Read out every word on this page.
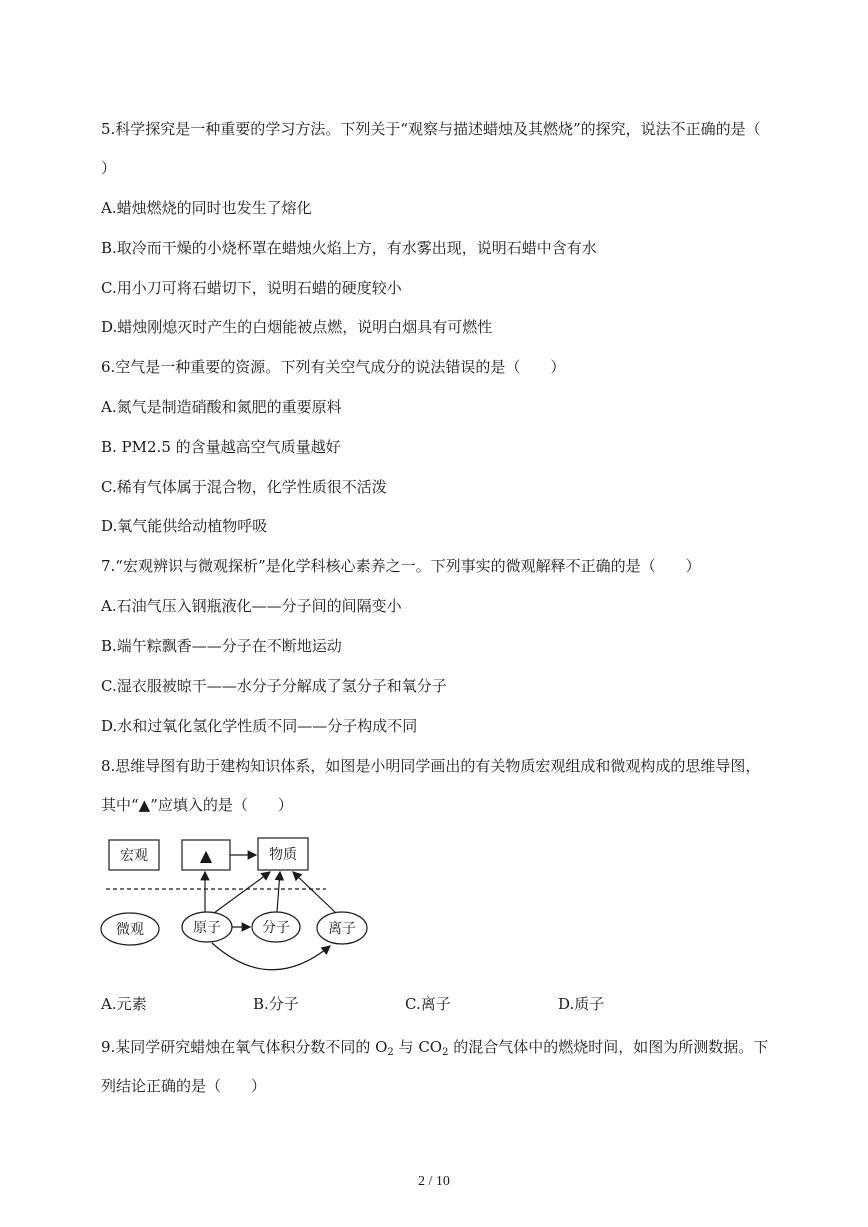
5.科学探究是一种重要的学习方法。下列关于“观察与描述蜡烛及其燃烧”的探究，说法不正确的是（
）
A.蜡烛燃烧的同时也发生了熔化
B.取冷而干燥的小烧杯罩在蜡烛火焰上方，有水雾出现，说明石蜡中含有水
C.用小刀可将石蜡切下，说明石蜡的硬度较小
D.蜡烛刚熄灭时产生的白烟能被点燃，说明白烟具有可燃性
6.空气是一种重要的资源。下列有关空气成分的说法错误的是（　　）
A.氮气是制造硝酸和氮肥的重要原料
B. PM2.5 的含量越高空气质量越好
C.稀有气体属于混合物，化学性质很不活泼
D.氧气能供给动植物呼吸
7.“宏观辨识与微观探析”是化学科核心素养之一。下列事实的微观解释不正确的是（　　）
A.石油气压入钢瓶液化——分子间的间隔变小
B.端午粽飘香——分子在不断地运动
C.湿衣服被晾干——水分子分解成了氢分子和氧分子
D.水和过氧化氢化学性质不同——分子构成不同
8.思维导图有助于建构知识体系，如图是小明同学画出的有关物质宏观组成和微观构成的思维导图，
其中“▲”应填入的是（　　）
宏观	▲	物质
微观	原子	分子	离子
A.元素	B.分子	C.离子	D.质子
9.某同学研究蜡烛在氧气体积分数不同的 $O_2$ 与 $CO_2$ 的混合气体中的燃烧时间，如图为所测数据。下
列结论正确的是（　　）
2 / 10
